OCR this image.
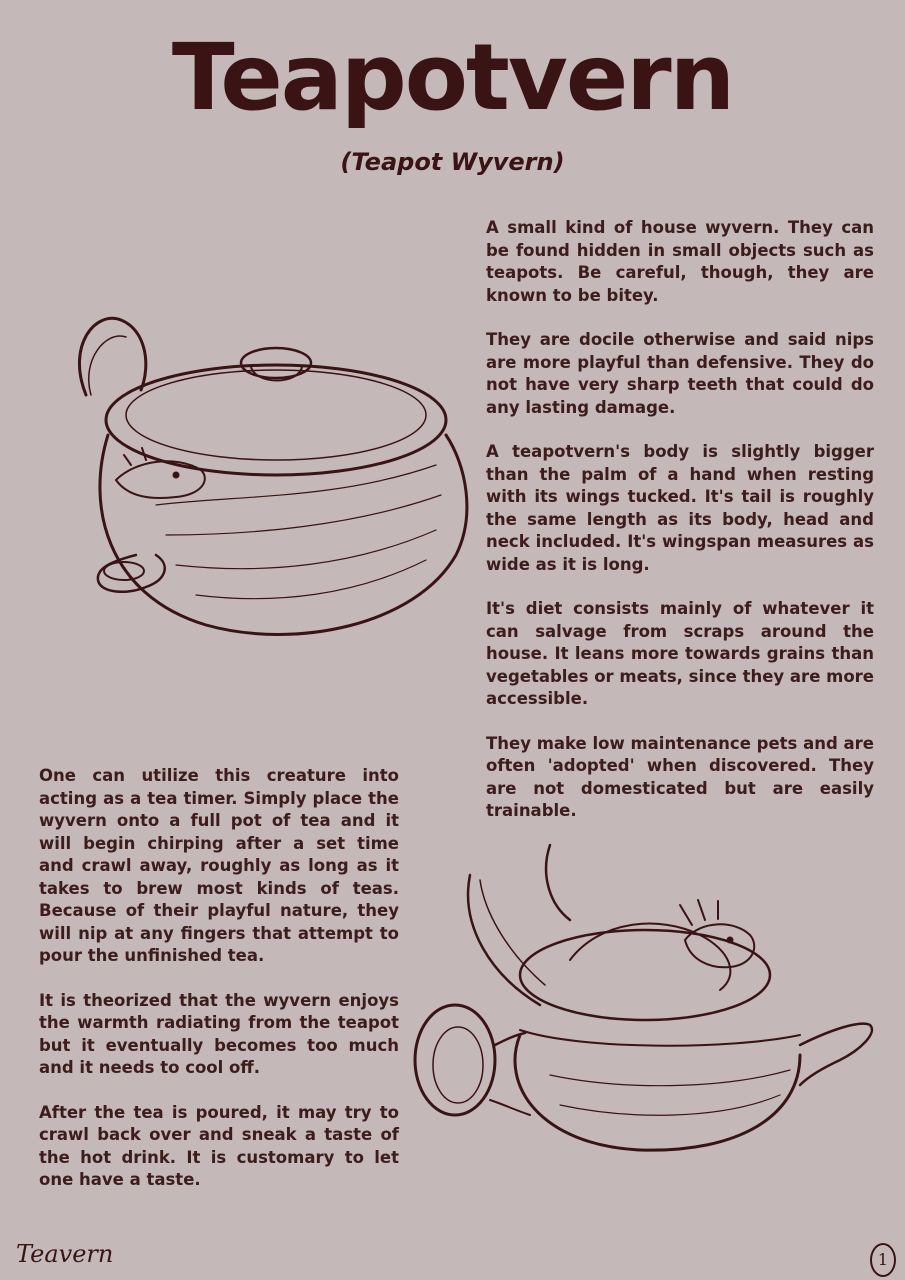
Teapotvern
(Teapot Wyvern)

A small kind of house wyvern. They can be found hidden in small objects such as teapots. Be careful, though, they are known to be bitey.

They are docile otherwise and said nips are more playful than defensive. They do not have very sharp teeth that could do any lasting damage.

A teapotvern's body is slightly bigger than the palm of a hand when resting with its wings tucked. It's tail is roughly the same length as its body, head and neck included. It's wingspan measures as wide as it is long.

It's diet consists mainly of whatever it can salvage from scraps around the house. It leans more towards grains than vegetables or meats, since they are more accessible.

They make low maintenance pets and are often 'adopted' when discovered. They are not domesticated but are easily trainable.

One can utilize this creature into acting as a tea timer. Simply place the wyvern onto a full pot of tea and it will begin chirping after a set time and crawl away, roughly as long as it takes to brew most kinds of teas. Because of their playful nature, they will nip at any fingers that attempt to pour the unfinished tea.

It is theorized that the wyvern enjoys the warmth radiating from the teapot but it eventually becomes too much and it needs to cool off.

After the tea is poured, it may try to crawl back over and sneak a taste of the hot drink. It is customary to let one have a taste.

Teavern	1
